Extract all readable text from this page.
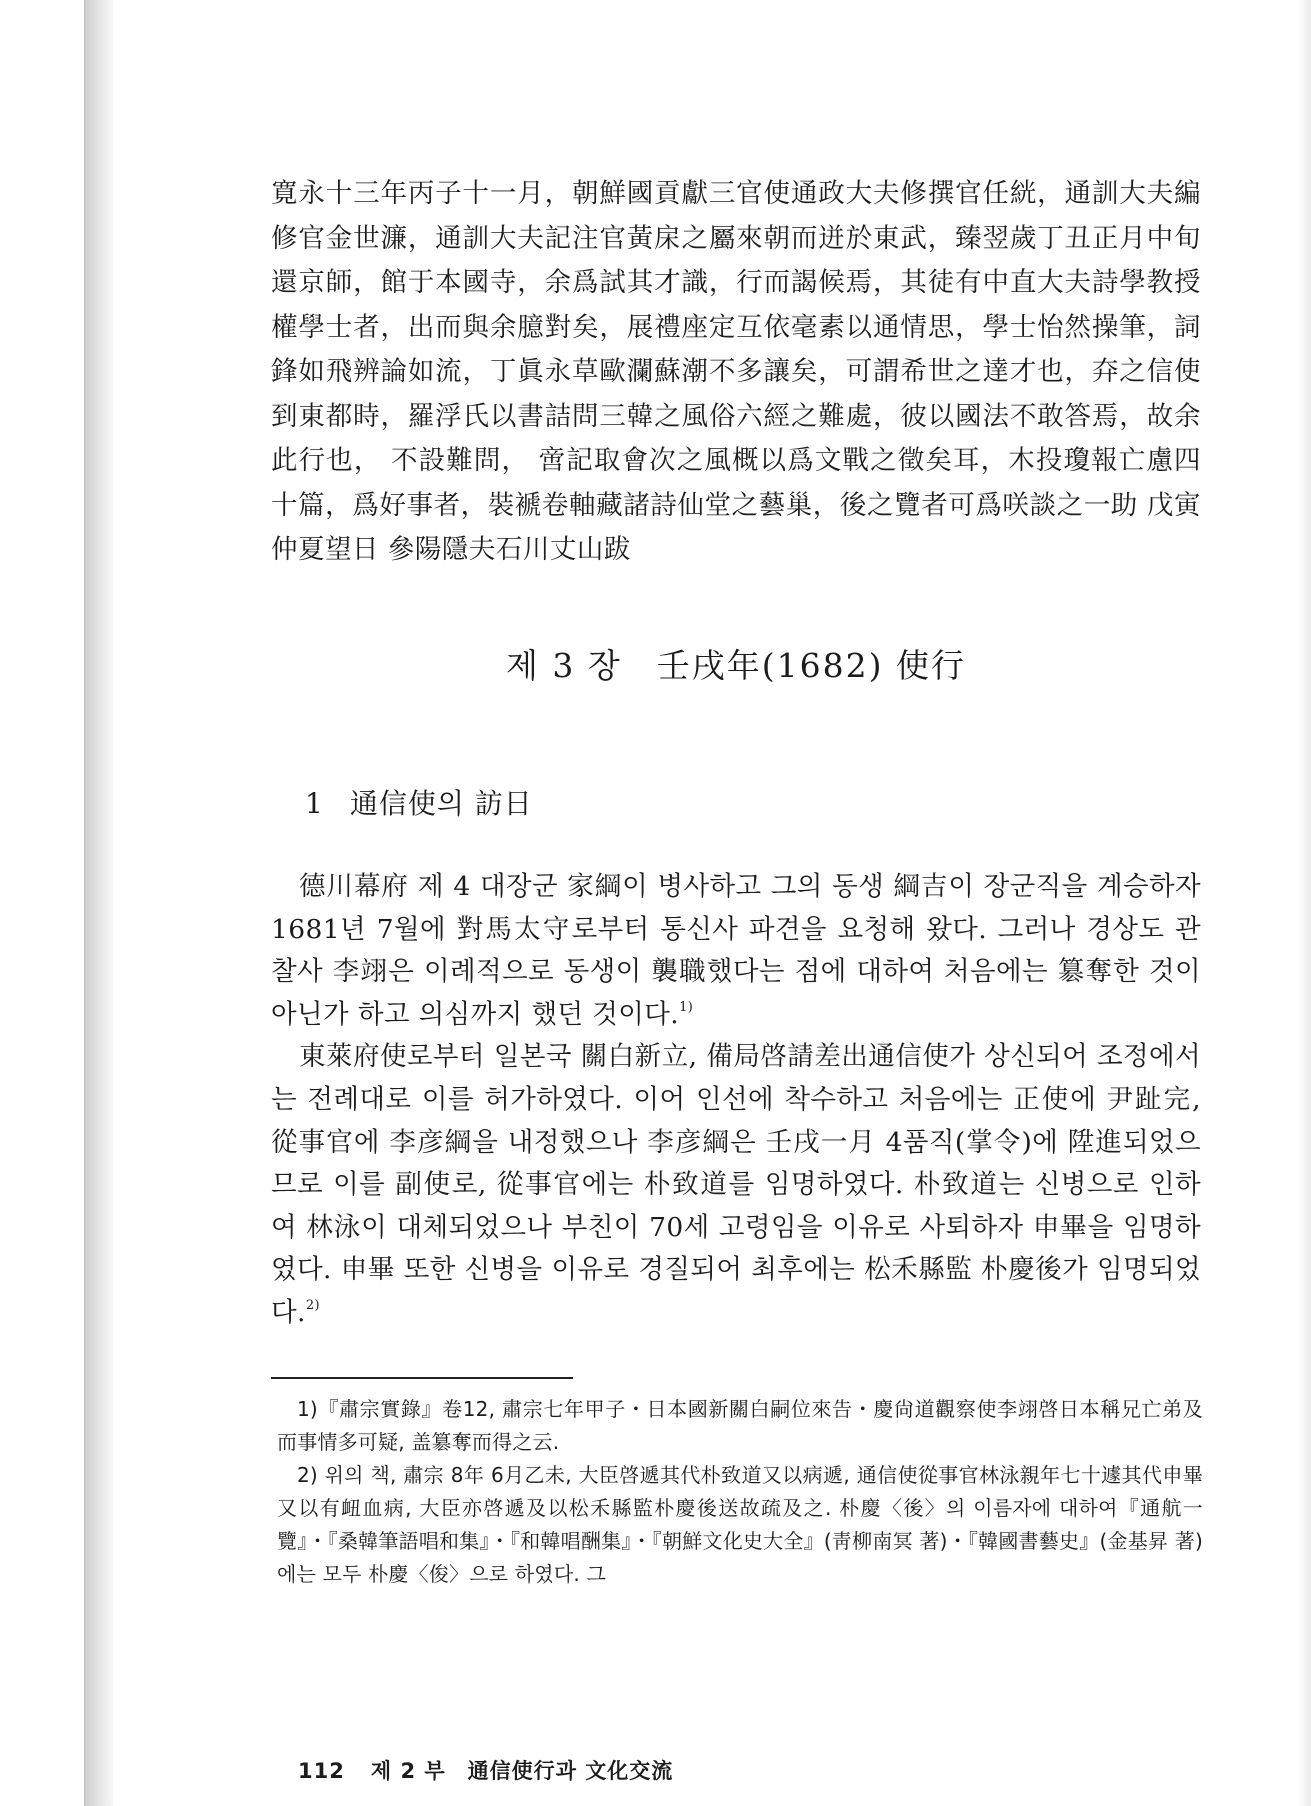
寛永十三年丙子十一月，朝鮮國貢獻三官使通政大夫修撰官任絖，通訓大夫編修官金世濂，通訓大夫記注官黃㦿之屬來朝而迸於東武，臻翌歲丁丑正月中旬還京師，館于本國寺，余爲試其才識，行而謁候焉，其徒有中直大夫詩學教授權學士者，出而與余臆對矣，展禮座定互依毫素以通情思，學士怡然操筆，詞鋒如飛辨論如流，丁眞永草歐瀾蘇潮不多讓矣，可謂希世之達才也，㚏之信使到東都時，羅浮氏以書詰問三韓之風俗六經之難處，彼以國法不敢答焉，故余此行也， 不設難問， 啻記取會次之風概以爲文戰之徵矣耳，木投瓊報亡慮四十篇，爲好事者，裝褫卷軸藏諸詩仙堂之藝巢，後之覽者可爲咲談之一助 戊寅仲夏望日 參陽隱夫石川丈山跋

제 3 장　壬戌年(1682) 使行
1 通信使의 訪日

德川幕府 제 4 대장군 家綱이 병사하고 그의 동생 綱吉이 장군직을 계승하자 1681년 7월에 對馬太守로부터 통신사 파견을 요청해 왔다. 그러나 경상도 관찰사 李翊은 이례적으로 동생이 襲職했다는 점에 대하여 처음에는 簒奪한 것이 아닌가 하고 의심까지 했던 것이다.$^{1)}$

東萊府使로부터 일본국 關白新立, 備局啓請差出通信使가 상신되어 조정에서는 전례대로 이를 허가하였다. 이어 인선에 착수하고 처음에는 正使에 尹趾完, 從事官에 李彦綱을 내정했으나 李彦綱은 壬戌一月 4품직(掌令)에 陞進되었으므로 이를 副使로, 從事官에는 朴致道를 임명하였다. 朴致道는 신병으로 인하여 林泳이 대체되었으나 부친이 70세 고령임을 이유로 사퇴하자 申畢을 임명하였다. 申畢 또한 신병을 이유로 경질되어 최후에는 松禾縣監 朴慶後가 임명되었다.$^{2)}$

1)『肅宗實錄』卷12, 肅宗七年甲子・日本國新關白嗣位來告・慶尙道觀察使李翊啓日本稱兄亡弟及而事情多可疑, 盖簒奪而得之云.

2) 위의 책, 肅宗 8年 6月乙未, 大臣啓遞其代朴致道又以病遞, 通信使從事官林泳親年七十遽其代申畢又以有衄血病, 大臣亦啓遞及以松禾縣監朴慶後送故疏及之. 朴慶〈後〉의 이름자에 대하여『通航一覽』・『桑韓筆語唱和集』・『和韓唱酬集』・『朝鮮文化史大全』(靑柳南冥 著)・『韓國書藝史』(金基昇 著)에는 모두 朴慶〈俊〉으로 하였다. 그

112 제 2 부 通信使行과 文化交流
